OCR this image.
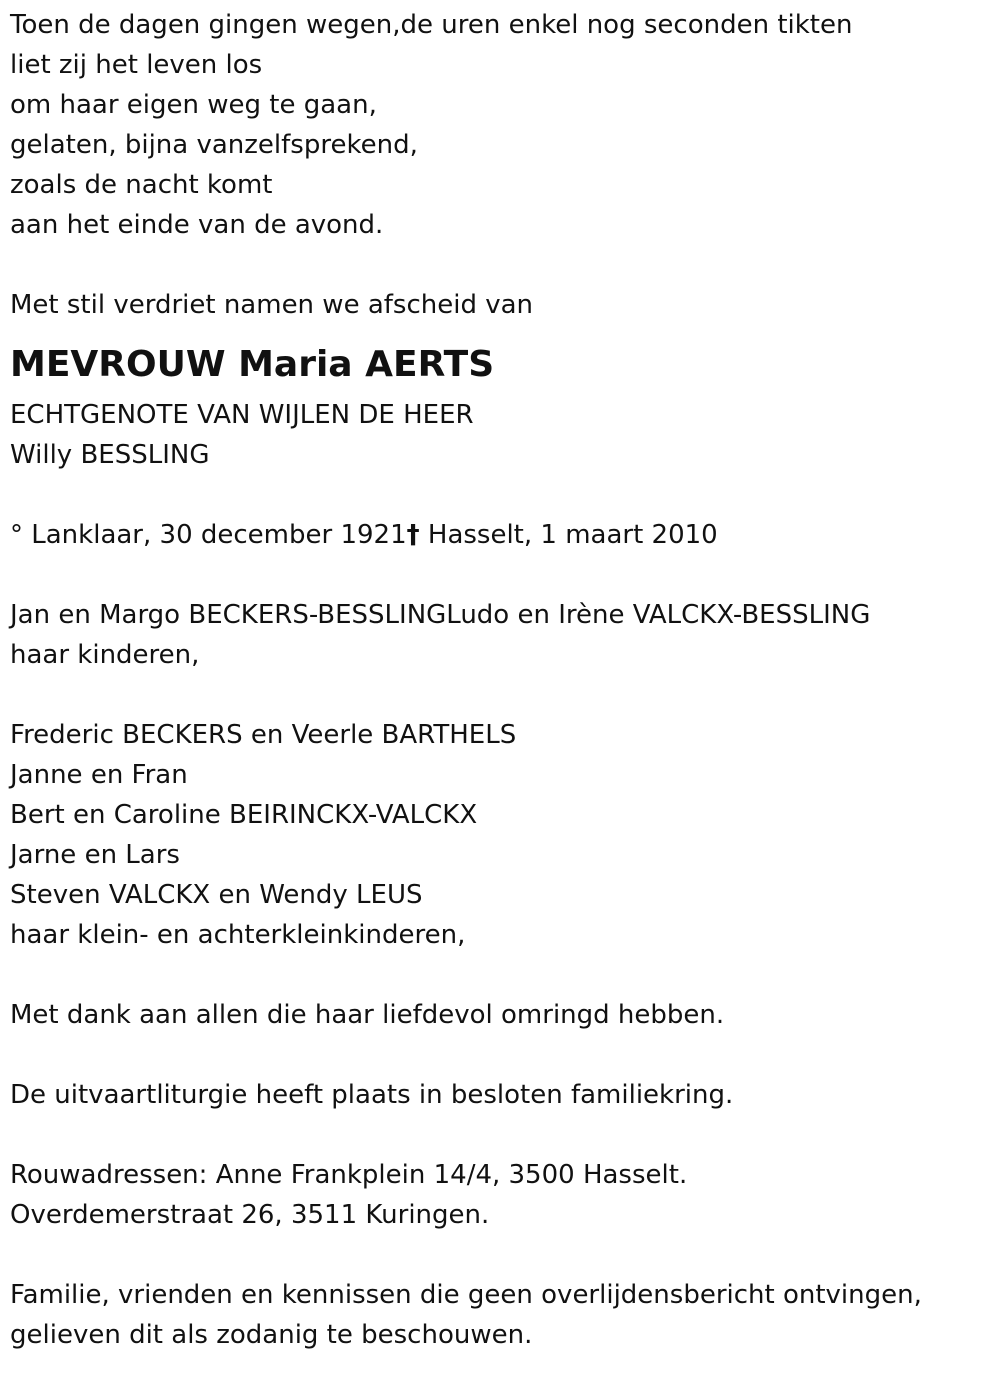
Toen de dagen gingen wegen,de uren enkel nog seconden tikten
liet zij het leven los
om haar eigen weg te gaan,
gelaten, bijna vanzelfsprekend,
zoals de nacht komt
aan het einde van de avond.
Met stil verdriet namen we afscheid van
MEVROUW Maria AERTS
ECHTGENOTE VAN WIJLEN DE HEER
Willy BESSLING
° Lanklaar, 30 december 1921† Hasselt, 1 maart 2010
Jan en Margo BECKERS-BESSLINGLudo en Irène VALCKX-BESSLING
haar kinderen,
Frederic BECKERS en Veerle BARTHELS
Janne en Fran
Bert en Caroline BEIRINCKX-VALCKX
Jarne en Lars
Steven VALCKX en Wendy LEUS
haar klein- en achterkleinkinderen,
Met dank aan allen die haar liefdevol omringd hebben.
De uitvaartliturgie heeft plaats in besloten familiekring.
Rouwadressen: Anne Frankplein 14/4, 3500 Hasselt.
Overdemerstraat 26, 3511 Kuringen.
Familie, vrienden en kennissen die geen overlijdensbericht ontvingen,
gelieven dit als zodanig te beschouwen.
